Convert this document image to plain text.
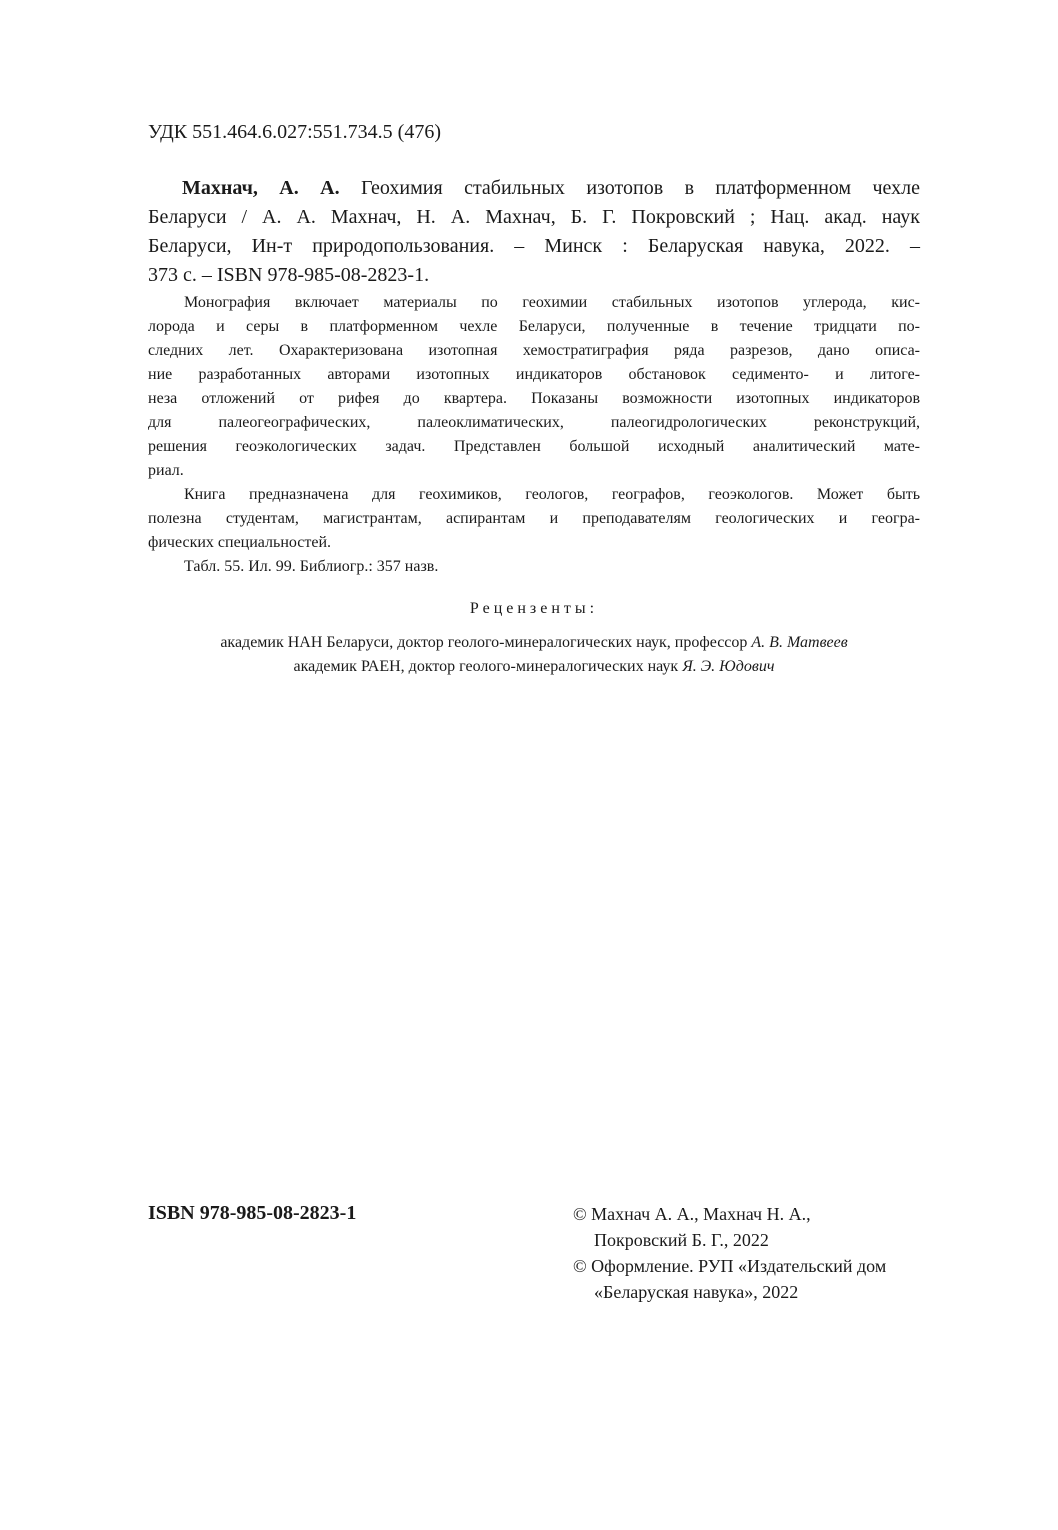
УДК 551.464.6.027:551.734.5 (476)
Махнач, А. А. Геохимия стабильных изотопов в платформенном чехле
Беларуси / А. А. Махнач, Н. А. Махнач, Б. Г. Покровский ; Нац. акад. наук
Беларуси, Ин-т природопользования. – Минск : Беларуская навука, 2022. –
373 с. – ISBN 978-985-08-2823-1.
Монография включает материалы по геохимии стабильных изотопов углерода, кис-
лорода и серы в платформенном чехле Беларуси, полученные в течение тридцати по-
следних лет. Охарактеризована изотопная хемостратиграфия ряда разрезов, дано описа-
ние разработанных авторами изотопных индикаторов обстановок седименто- и литоге-
неза отложений от рифея до квартера. Показаны возможности изотопных индикаторов
для палеогеографических, палеоклиматических, палеогидрологических реконструкций,
решения геоэкологических задач. Представлен большой исходный аналитический мате-
риал.
Книга предназначена для геохимиков, геологов, географов, геоэкологов. Может быть
полезна студентам, магистрантам, аспирантам и преподавателям геологических и геогра-
фических специальностей.
Табл. 55. Ил. 99. Библиогр.: 357 назв.
Рецензенты:
академик НАН Беларуси, доктор геолого-минералогических наук, профессор А. В. Матвеев
академик РАЕН, доктор геолого-минералогических наук Я. Э. Юдович
ISBN 978-985-08-2823-1	© Махнач А. А., Махнач Н. А.,
Покровский Б. Г., 2022
© Оформление. РУП «Издательский дом
«Беларуская навука», 2022
